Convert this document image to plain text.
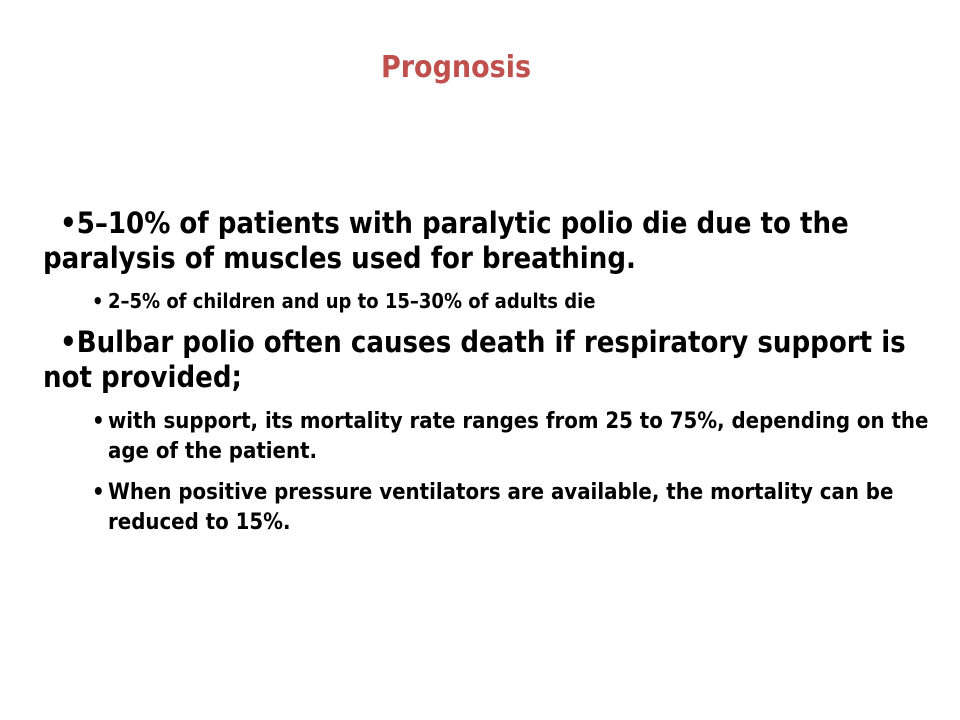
Prognosis
•5–10% of patients with paralytic polio die due to the paralysis of muscles used for breathing.
• 2–5% of children and up to 15–30% of adults die
•Bulbar polio often causes death if respiratory support is not provided;
• with support, its mortality rate ranges from 25 to 75%, depending on the age of the patient.
• When positive pressure ventilators are available, the mortality can be reduced to 15%.
